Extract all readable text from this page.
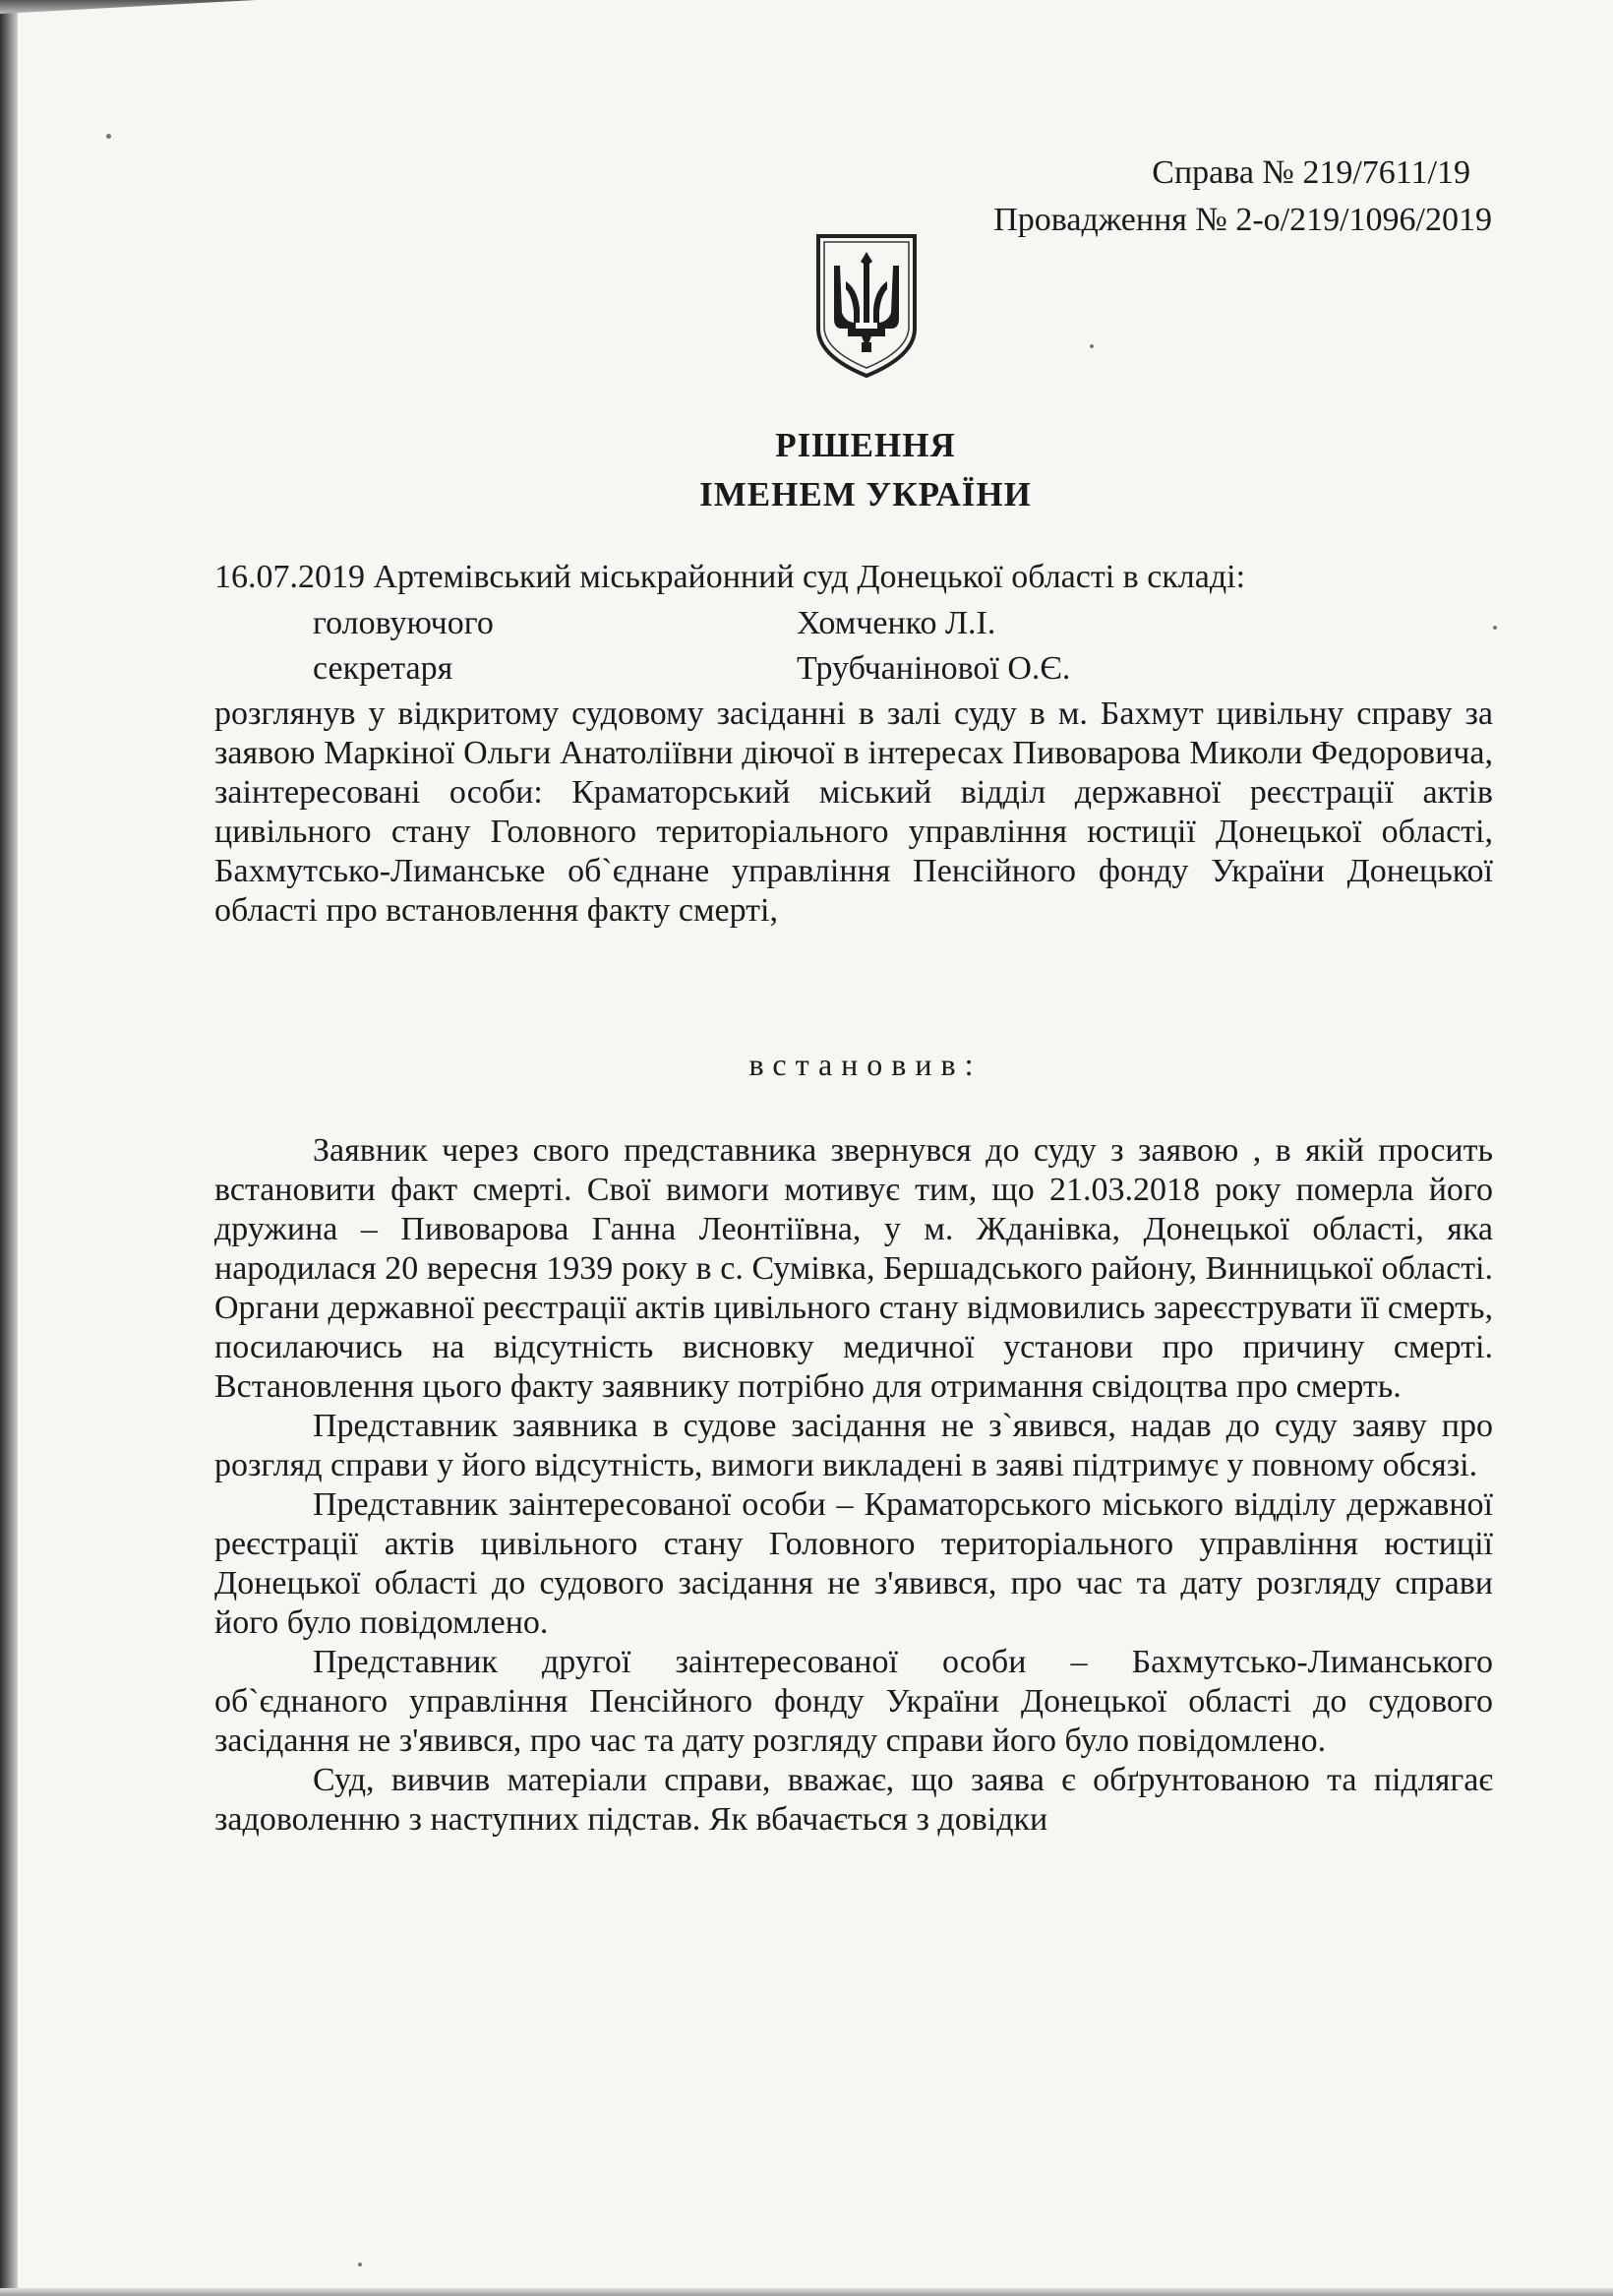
Справа № 219/7611/19
Провадження № 2-о/219/1096/2019
РІШЕННЯ
ІМЕНЕМ УКРАЇНИ

16.07.2019 Артемівський міськрайонний суд Донецької області в складі:

головуючого	Хомченко Л.І.
секретаря	Трубчанінової О.Є.

розглянув у відкритому судовому засіданні в залі суду в м. Бахмут цивільну справу за заявою Маркіної Ольги Анатоліївни діючої в інтересах Пивоварова Миколи Федоровича, заінтересовані особи: Краматорський міський відділ державної реєстрації актів цивільного стану Головного територіального управління юстиції Донецької області, Бахмутсько-Лиманське об`єднане управління Пенсійного фонду України Донецької області про встановлення факту смерті,

встановив:

Заявник через свого представника звернувся до суду з заявою , в якій просить встановити факт смерті. Свої вимоги мотивує тим, що 21.03.2018 року померла його дружина – Пивоварова Ганна Леонтіївна, у м. Жданівка, Донецької області, яка народилася 20 вересня 1939 року в с. Сумівка, Бершадського району, Винницької області. Органи державної реєстрації актів цивільного стану відмовились зареєструвати її смерть, посилаючись на відсутність висновку медичної установи про причину смерті. Встановлення цього факту заявнику потрібно для отримання свідоцтва про смерть.

Представник заявника в судове засідання не з`явився, надав до суду заяву про розгляд справи у його відсутність, вимоги викладені в заяві підтримує у повному обсязі.

Представник заінтересованої особи – Краматорського міського відділу державної реєстрації актів цивільного стану Головного територіального управління юстиції Донецької області до судового засідання не з'явився, про час та дату розгляду справи його було повідомлено.

Представник другої заінтересованої особи – Бахмутсько-Лиманського об`єднаного управління Пенсійного фонду України Донецької області до судового засідання не з'явився, про час та дату розгляду справи його було повідомлено.

Суд, вивчив матеріали справи, вважає, що заява є обґрунтованою та підлягає задоволенню з наступних підстав. Як вбачається з довідки
